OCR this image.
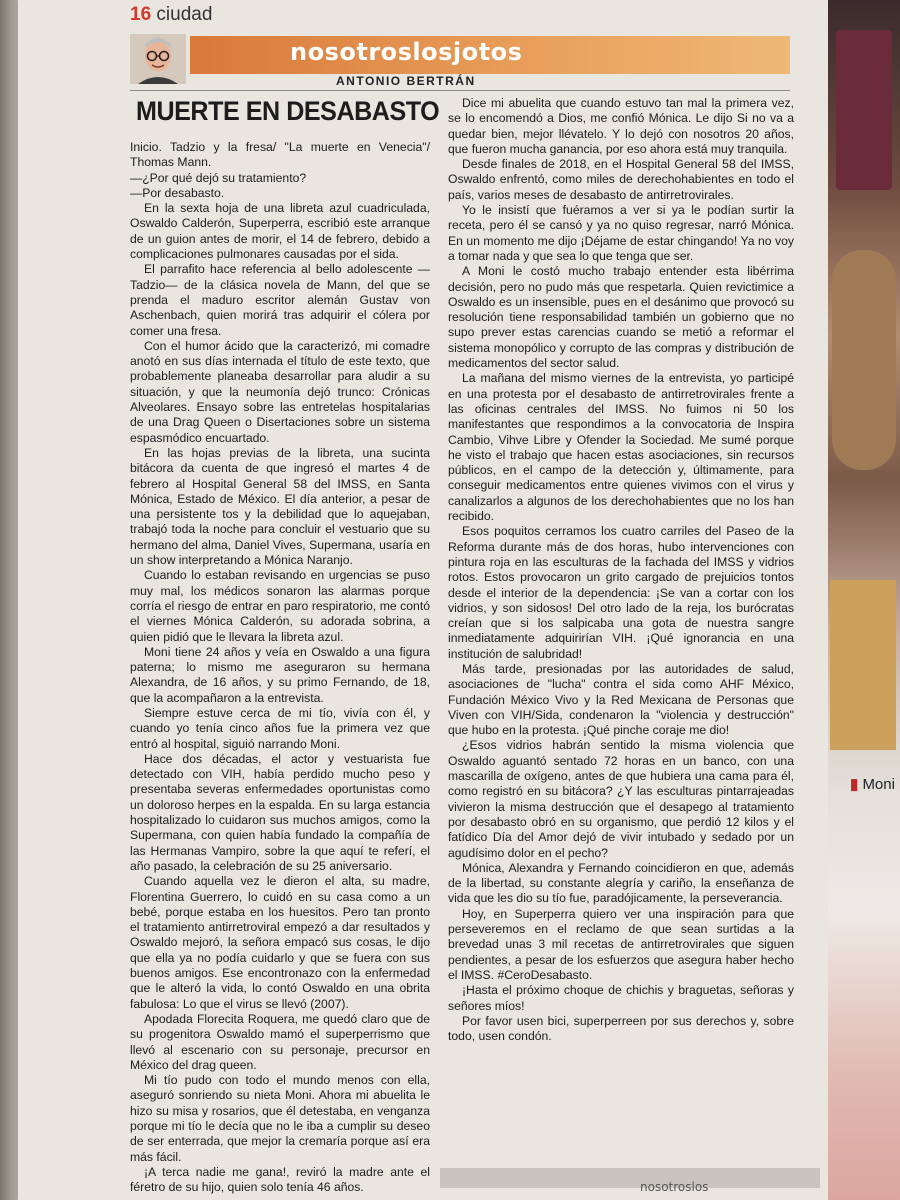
16 ciudad
nosotroslosjotos
ANTONIO BERTRÁN
MUERTE EN DESABASTO

Inicio. Tadzio y la fresa/ "La muerte en Venecia"/ Thomas Mann.

—¿Por qué dejó su tratamiento?

—Por desabasto.

En la sexta hoja de una libreta azul cuadriculada, Oswaldo Calderón, Superperra, escribió este arranque de un guion antes de morir, el 14 de febrero, debido a complicaciones pulmonares causadas por el sida.

El parrafito hace referencia al bello adolescente —Tadzio— de la clásica novela de Mann, del que se prenda el maduro escritor alemán Gustav von Aschenbach, quien morirá tras adquirir el cólera por comer una fresa.

Con el humor ácido que la caracterizó, mi comadre anotó en sus días internada el título de este texto, que probablemente planeaba desarrollar para aludir a su situación, y que la neumonía dejó trunco: Crónicas Alveolares. Ensayo sobre las entretelas hospitalarias de una Drag Queen o Disertaciones sobre un sistema espasmódico encuartado.

En las hojas previas de la libreta, una sucinta bitácora da cuenta de que ingresó el martes 4 de febrero al Hospital General 58 del IMSS, en Santa Mónica, Estado de México. El día anterior, a pesar de una persistente tos y la debilidad que lo aquejaban, trabajó toda la noche para concluir el vestuario que su hermano del alma, Daniel Vives, Supermana, usaría en un show interpretando a Mónica Naranjo.

Cuando lo estaban revisando en urgencias se puso muy mal, los médicos sonaron las alarmas porque corría el riesgo de entrar en paro respiratorio, me contó el viernes Mónica Calderón, su adorada sobrina, a quien pidió que le llevara la libreta azul.

Moni tiene 24 años y veía en Oswaldo a una figura paterna; lo mismo me aseguraron su hermana Alexandra, de 16 años, y su primo Fernando, de 18, que la acompañaron a la entrevista.

Siempre estuve cerca de mi tío, vivía con él, y cuando yo tenía cinco años fue la primera vez que entró al hospital, siguió narrando Moni.

Hace dos décadas, el actor y vestuarista fue detectado con VIH, había perdido mucho peso y presentaba severas enfermedades oportunistas como un doloroso herpes en la espalda. En su larga estancia hospitalizado lo cuidaron sus muchos amigos, como la Supermana, con quien había fundado la compañía de las Hermanas Vampiro, sobre la que aquí te referí, el año pasado, la celebración de su 25 aniversario.

Cuando aquella vez le dieron el alta, su madre, Florentina Guerrero, lo cuidó en su casa como a un bebé, porque estaba en los huesitos. Pero tan pronto el tratamiento antirretroviral empezó a dar resultados y Oswaldo mejoró, la señora empacó sus cosas, le dijo que ella ya no podía cuidarlo y que se fuera con sus buenos amigos. Ese encontronazo con la enfermedad que le alteró la vida, lo contó Oswaldo en una obrita fabulosa: Lo que el virus se llevó (2007).

Apodada Florecita Roquera, me quedó claro que de su progenitora Oswaldo mamó el superperrismo que llevó al escenario con su personaje, precursor en México del drag queen.

Mi tío pudo con todo el mundo menos con ella, aseguró sonriendo su nieta Moni. Ahora mi abuelita le hizo su misa y rosarios, que él detestaba, en venganza porque mi tío le decía que no le iba a cumplir su deseo de ser enterrada, que mejor la cremaría porque así era más fácil.

¡A terca nadie me gana!, reviró la madre ante el féretro de su hijo, quien solo tenía 46 años.

Dice mi abuelita que cuando estuvo tan mal la primera vez, se lo encomendó a Dios, me confió Mónica. Le dijo Si no va a quedar bien, mejor llévatelo. Y lo dejó con nosotros 20 años, que fueron mucha ganancia, por eso ahora está muy tranquila.

Desde finales de 2018, en el Hospital General 58 del IMSS, Oswaldo enfrentó, como miles de derechohabientes en todo el país, varios meses de desabasto de antirretrovirales.

Yo le insistí que fuéramos a ver si ya le podían surtir la receta, pero él se cansó y ya no quiso regresar, narró Mónica. En un momento me dijo ¡Déjame de estar chingando! Ya no voy a tomar nada y que sea lo que tenga que ser.

A Moni le costó mucho trabajo entender esta libérrima decisión, pero no pudo más que respetarla. Quien revictimice a Oswaldo es un insensible, pues en el desánimo que provocó su resolución tiene responsabilidad también un gobierno que no supo prever estas carencias cuando se metió a reformar el sistema monopólico y corrupto de las compras y distribución de medicamentos del sector salud.

La mañana del mismo viernes de la entrevista, yo participé en una protesta por el desabasto de antirretrovirales frente a las oficinas centrales del IMSS. No fuimos ni 50 los manifestantes que respondimos a la convocatoria de Inspira Cambio, Vihve Libre y Ofender la Sociedad. Me sumé porque he visto el trabajo que hacen estas asociaciones, sin recursos públicos, en el campo de la detección y, últimamente, para conseguir medicamentos entre quienes vivimos con el virus y canalizarlos a algunos de los derechohabientes que no los han recibido.

Esos poquitos cerramos los cuatro carriles del Paseo de la Reforma durante más de dos horas, hubo intervenciones con pintura roja en las esculturas de la fachada del IMSS y vidrios rotos. Estos provocaron un grito cargado de prejuicios tontos desde el interior de la dependencia: ¡Se van a cortar con los vidrios, y son sidosos! Del otro lado de la reja, los burócratas creían que si los salpicaba una gota de nuestra sangre inmediatamente adquirirían VIH. ¡Qué ignorancia en una institución de salubridad!

Más tarde, presionadas por las autoridades de salud, asociaciones de "lucha" contra el sida como AHF México, Fundación México Vivo y la Red Mexicana de Personas que Viven con VIH/Sida, condenaron la "violencia y destrucción" que hubo en la protesta. ¡Qué pinche coraje me dio!

¿Esos vidrios habrán sentido la misma violencia que Oswaldo aguantó sentado 72 horas en un banco, con una mascarilla de oxígeno, antes de que hubiera una cama para él, como registró en su bitácora? ¿Y las esculturas pintarrajeadas vivieron la misma destrucción que el desapego al tratamiento por desabasto obró en su organismo, que perdió 12 kilos y el fatídico Día del Amor dejó de vivir intubado y sedado por un agudísimo dolor en el pecho?

Mónica, Alexandra y Fernando coincidieron en que, además de la libertad, su constante alegría y cariño, la enseñanza de vida que les dio su tío fue, paradójicamente, la perseverancia.

Hoy, en Superperra quiero ver una inspiración para que perseveremos en el reclamo de que sean surtidas a la brevedad unas 3 mil recetas de antirretrovirales que siguen pendientes, a pesar de los esfuerzos que asegura haber hecho el IMSS. #CeroDesabasto.

¡Hasta el próximo choque de chichis y braguetas, señoras y señores míos!

Por favor usen bici, superperreen por sus derechos y, sobre todo, usen condón.

▮ Moni
nosotroslos
